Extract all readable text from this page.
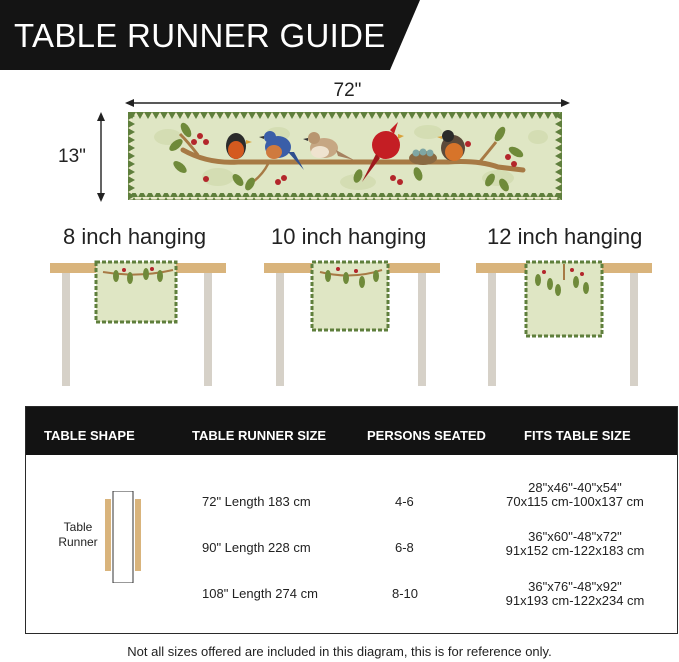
TABLE RUNNER GUIDE
72"
13"
8 inch hanging	10 inch hanging	12 inch hanging
TABLE SHAPE	TABLE RUNNER SIZE	PERSONS SEATED	FITS TABLE SIZE
Table
Runner
72" Length 183 cm	4-6
28"x46"-40"x54"
70x115 cm-100x137 cm
90" Length 228 cm	6-8
36"x60"-48"x72"
91x152 cm-122x183 cm
108" Length 274 cm	8-10	36"x76"-48"x92"
91x193 cm-122x234 cm
Not all sizes offered are included in this diagram, this is for reference only.
